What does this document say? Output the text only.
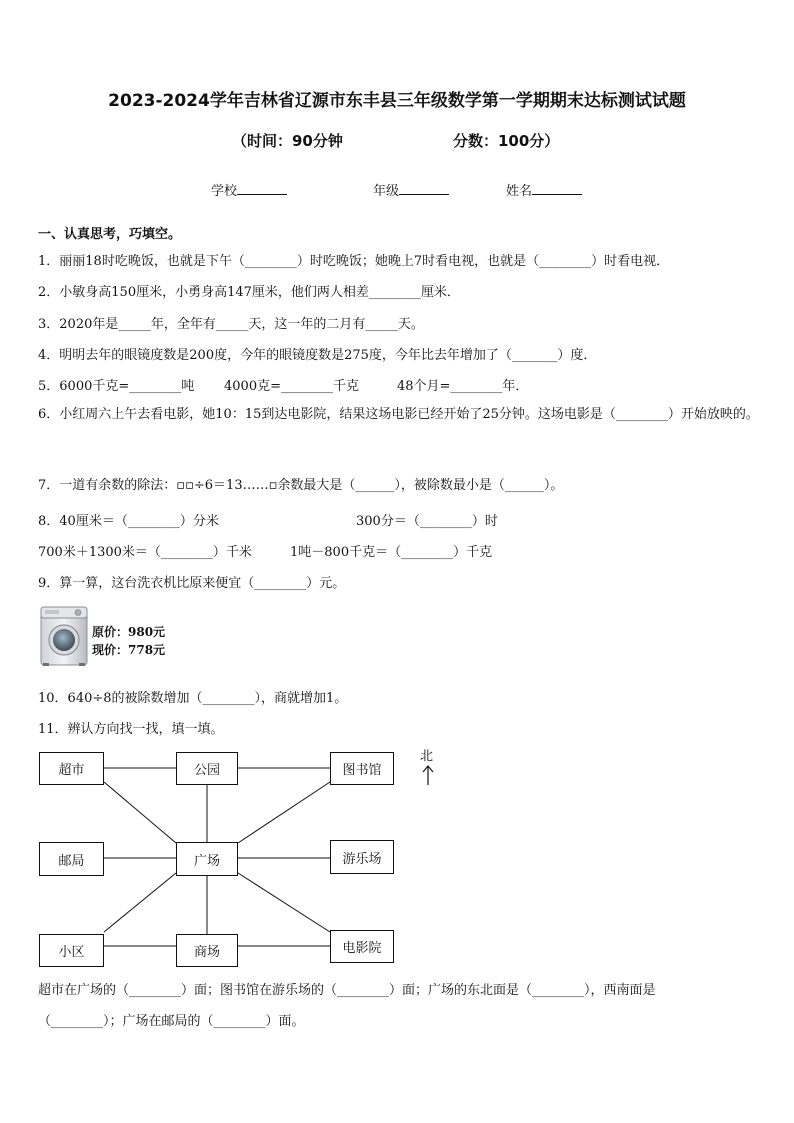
2023-2024学年吉林省辽源市东丰县三年级数学第一学期期末达标测试试题
（时间：90分钟	分数：100分）
学校	年级	姓名
一、认真思考，巧填空。
1．丽丽18时吃晚饭，也就是下午（________）时吃晚饭；她晚上7时看电视，也就是（________）时看电视．
2．小敏身高150厘米，小勇身高147厘米，他们两人相差________厘米．
3．2020年是_____年，全年有_____天，这一年的二月有_____天。
4．明明去年的眼镜度数是200度，今年的眼镜度数是275度，今年比去年增加了（_______）度．
5．6000千克=________吨 4000克=________千克	48个月=________年．
6．小红周六上午去看电影，她10：15到达电影院，结果这场电影已经开始了25分钟。这场电影是（________）开始放映的。
7．一道有余数的除法：▫▫÷6＝13……▫余数最大是（______），被除数最小是（______）。
8．40厘米＝（________）分米	300分＝（________）时
700米＋1300米＝（________）千米	1吨－800千克＝（________）千克
9．算一算，这台洗衣机比原来便宜（________）元。
原价：980元
现价：778元
10．640÷8的被除数增加（________），商就增加1。
11．辨认方向找一找，填一填。
北
超市	公园	图书馆
邮局	广场	游乐场
小区	商场	电影院
超市在广场的（________）面；图书馆在游乐场的（________）面；广场的东北面是（________），西南面是
（________）；广场在邮局的（________）面。
